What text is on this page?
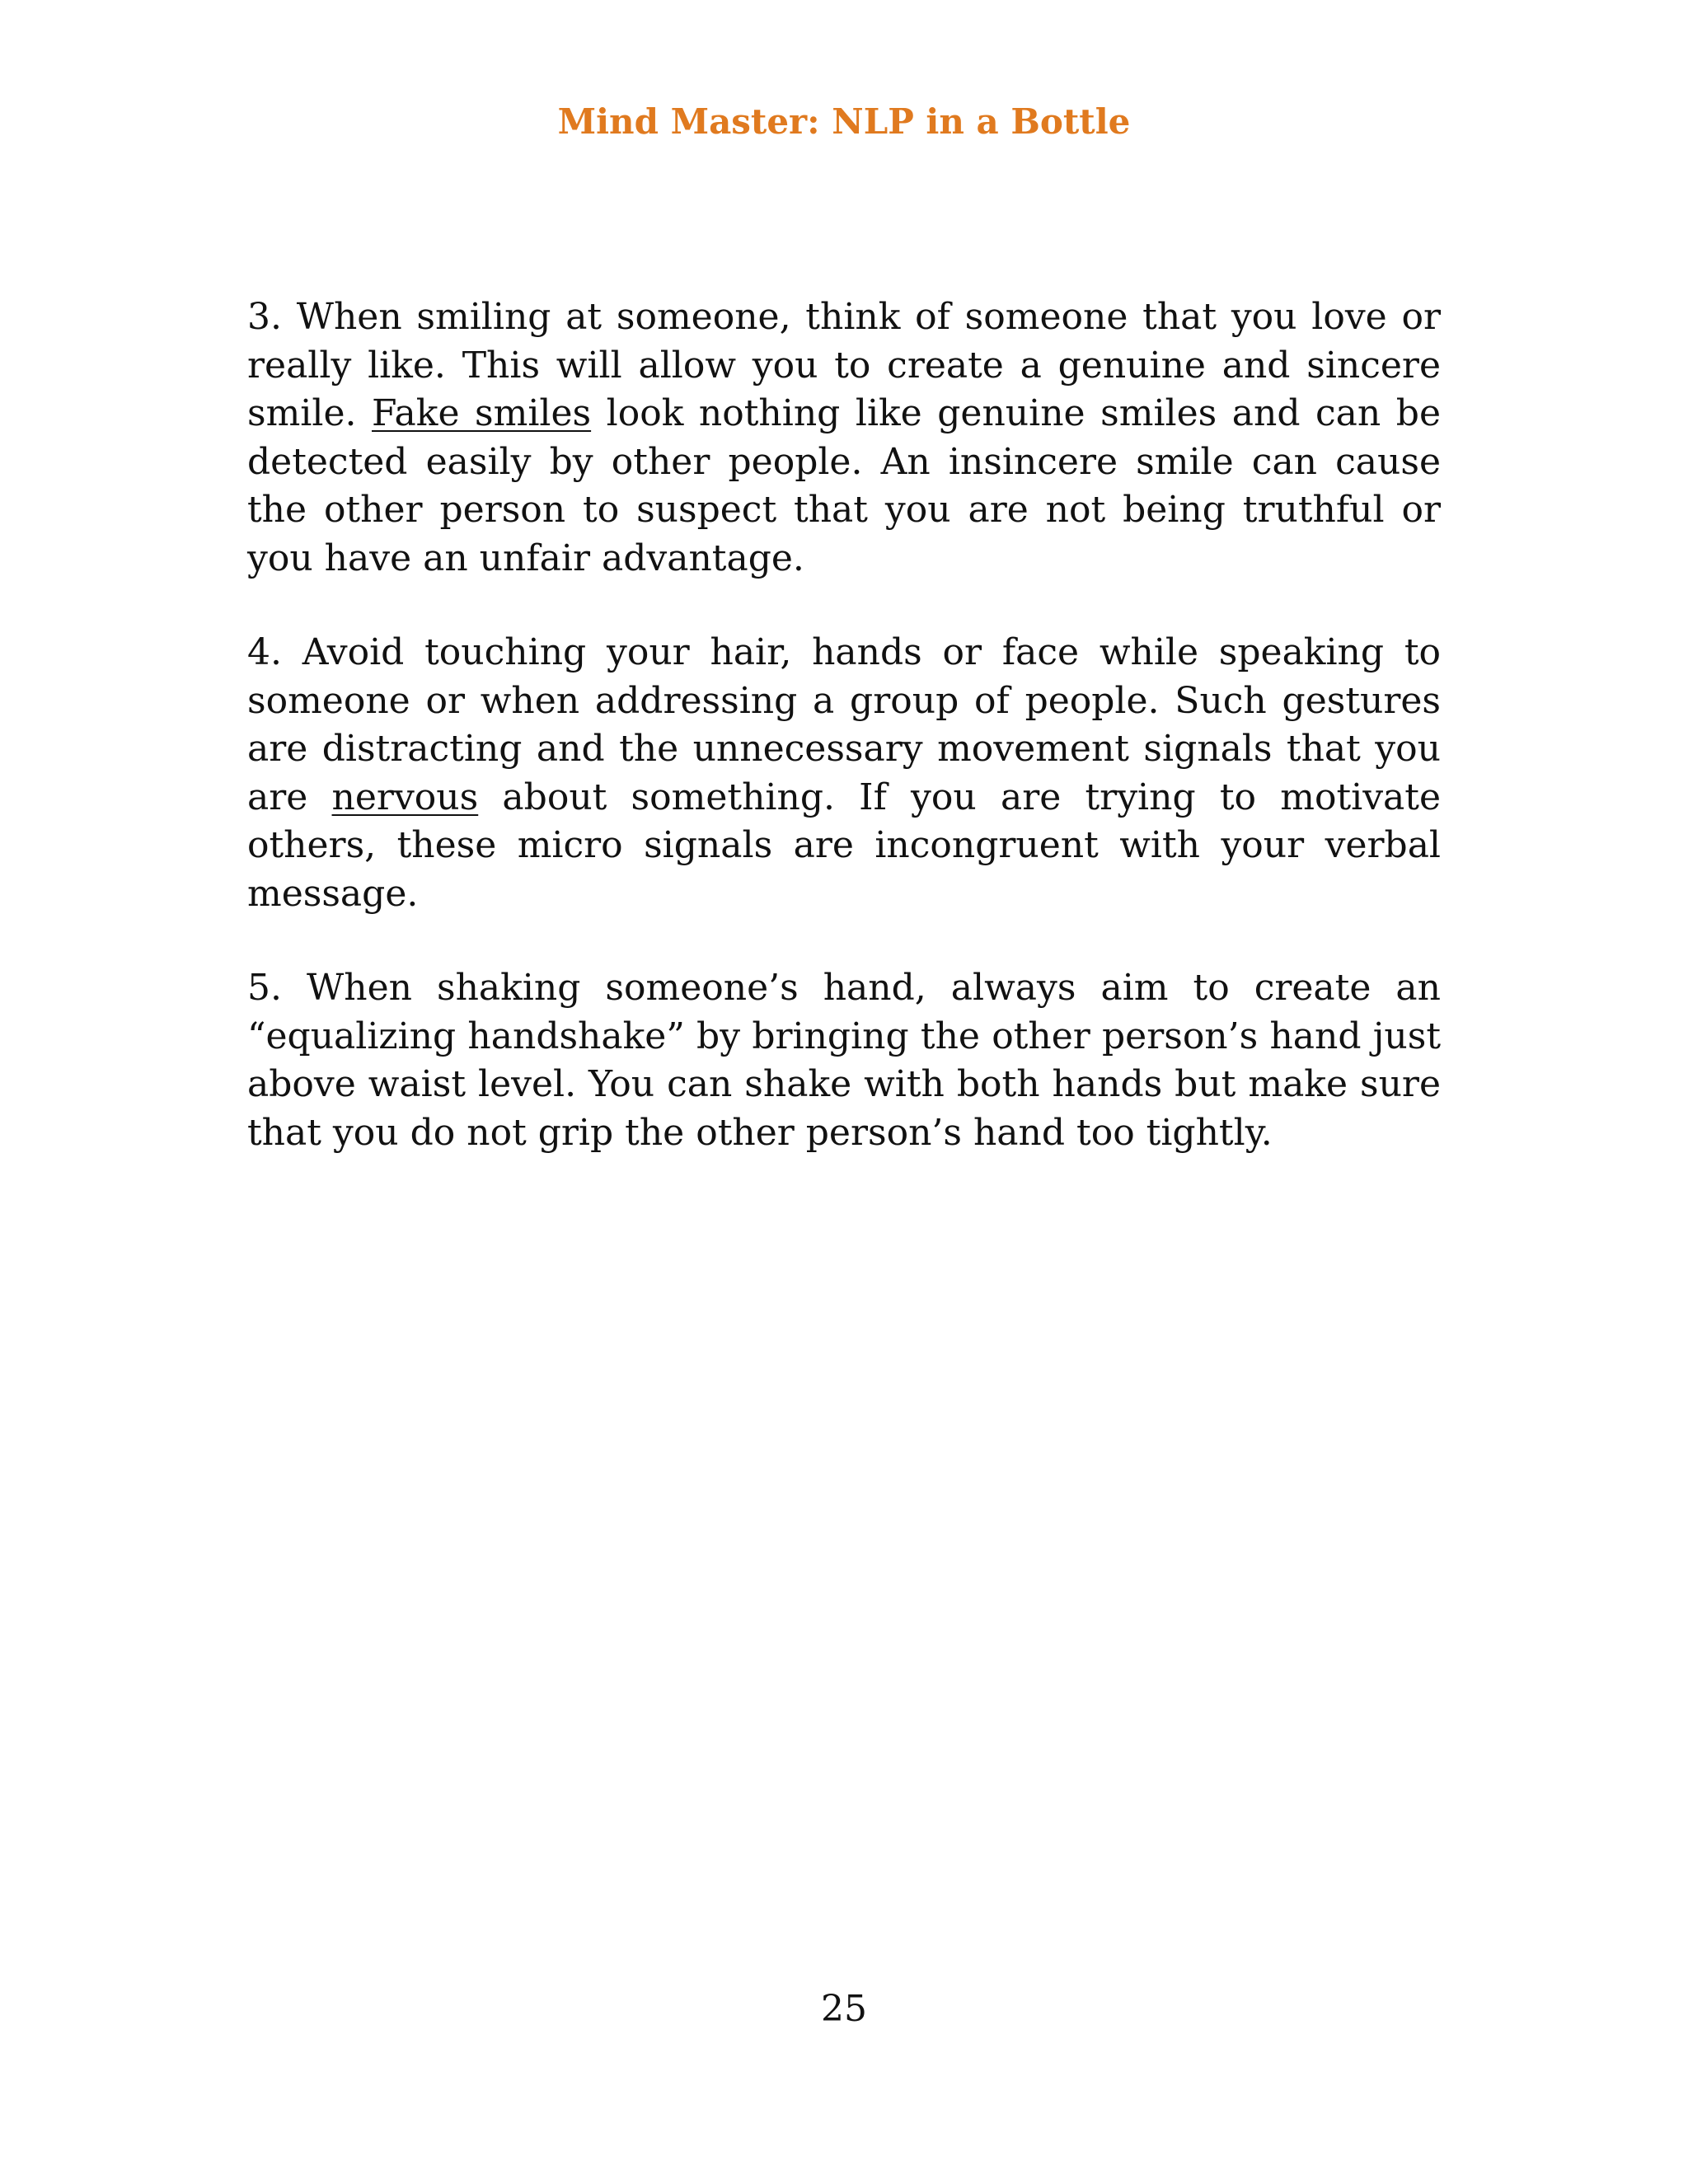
Mind Master: NLP in a Bottle

3. When smiling at someone, think of someone that you love or really like. This will allow you to create a genuine and sincere smile. Fake smiles look nothing like genuine smiles and can be detected easily by other people. An insincere smile can cause the other person to suspect that you are not being truthful or you have an unfair advantage.

4. Avoid touching your hair, hands or face while speaking to someone or when addressing a group of people. Such gestures are distracting and the unnecessary movement signals that you are nervous about something. If you are trying to motivate others, these micro signals are incongruent with your verbal message.

5. When shaking someone’s hand, always aim to create an “equalizing handshake” by bringing the other person’s hand just above waist level. You can shake with both hands but make sure that you do not grip the other person’s hand too tightly.

25
